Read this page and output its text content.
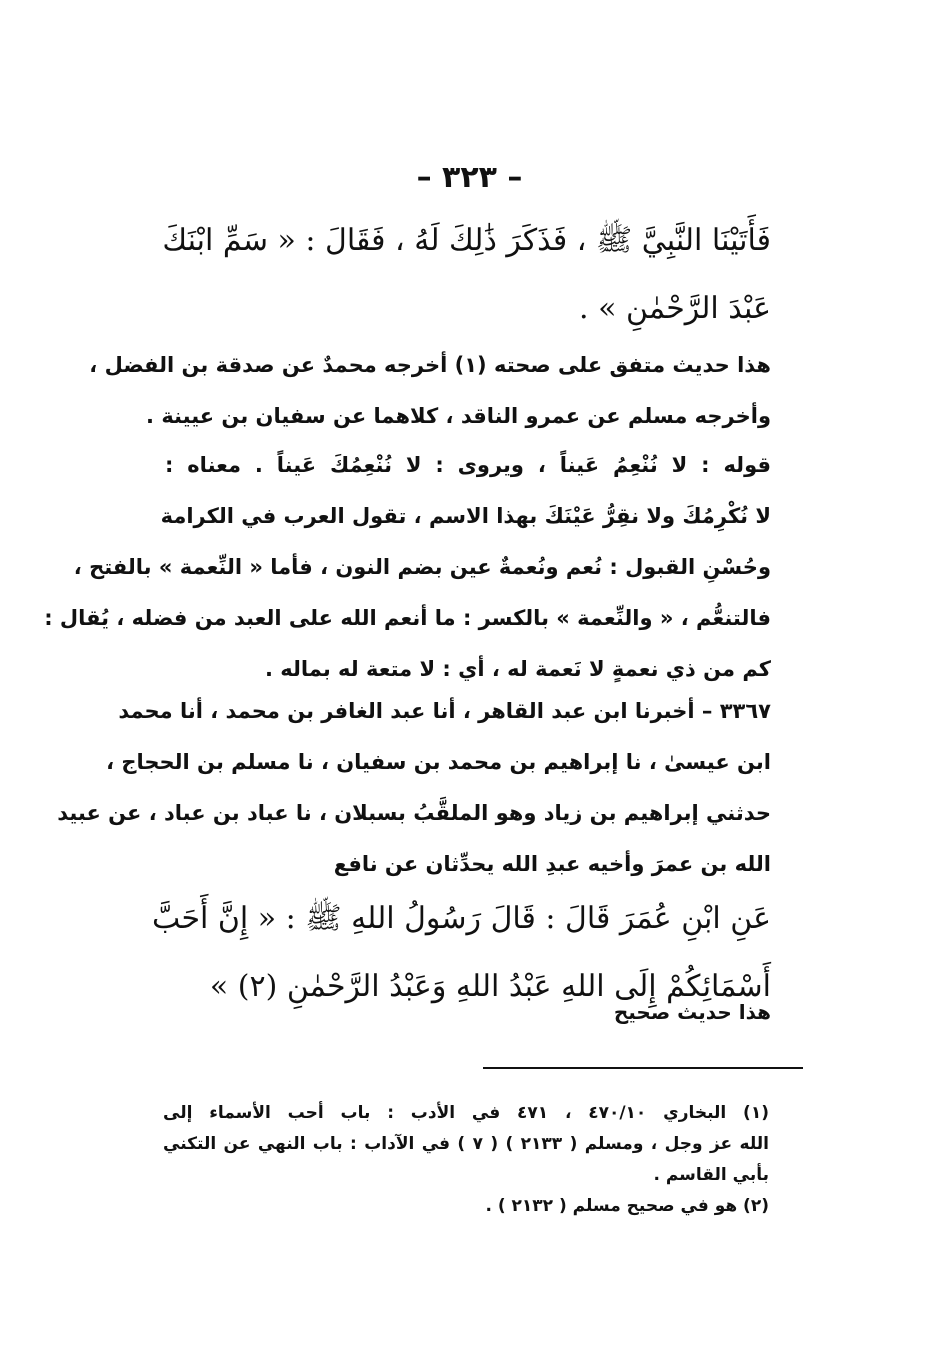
– ٣٢٣ –
فَأَتَيْنَا النَّبِيَّ ﷺ ، فَذَكَرَ ذَٰلِكَ لَهُ ، فَقَالَ : « سَمِّ ابْنَكَ
عَبْدَ الرَّحْمٰنِ » .
هذا حديث متفق على صحته (١) أخرجه محمدٌ عن صدقة بن الفضل ،
وأخرجه مسلم عن عمرو الناقد ، كلاهما عن سفيان بن عيينة .
قوله : لا نُنْعِمُ عَيناً ، ويروى : لا نُنْعِمُكَ عَيناً . معناه :
لا نُكْرِمُكَ ولا نقِرُّ عَيْنَكَ بهذا الاسم ، تقول العرب في الكرامة
وحُسْنِ القبول : نُعم ونُعمةٌ عين بضم النون ، فأما « النِّعمة » بالفتح ،
فالتنعُّم ، « والنِّعمة » بالكسر : ما أنعم الله على العبد من فضله ، يُقال :
كم من ذي نعمةٍ لا نَعمة له ، أي : لا متعة له بماله .
٣٣٦٧ – أخبرنا ابن عبد القاهر ، أنا عبد الغافر بن محمد ، أنا محمد
ابن عيسىٰ ، نا إبراهيم بن محمد بن سفيان ، نا مسلم بن الحجاج ،
حدثني إبراهيم بن زياد وهو الملقَّبُ بسبلان ، نا عباد بن عباد ، عن عبيد
الله بن عمرَ وأخيه عبدِ الله يحدِّثان عن نافع
عَنِ ابْنِ عُمَرَ قَالَ : قَالَ رَسُولُ اللهِ ﷺ : « إِنَّ أَحَبَّ
أَسْمَائِكُمْ إِلَى اللهِ عَبْدُ اللهِ وَعَبْدُ الرَّحْمٰنِ (٢) »
هذا حديث صحيح
(١) البخاري ٤٧٠/١٠ ، ٤٧١ في الأدب : باب أحب الأسماء إلى
الله عز وجل ، ومسلم ( ٢١٣٣ ) ( ٧ ) في الآداب : باب النهي عن التكني
بأبي القاسم .
(٢) هو في صحيح مسلم ( ٢١٣٢ ) .
